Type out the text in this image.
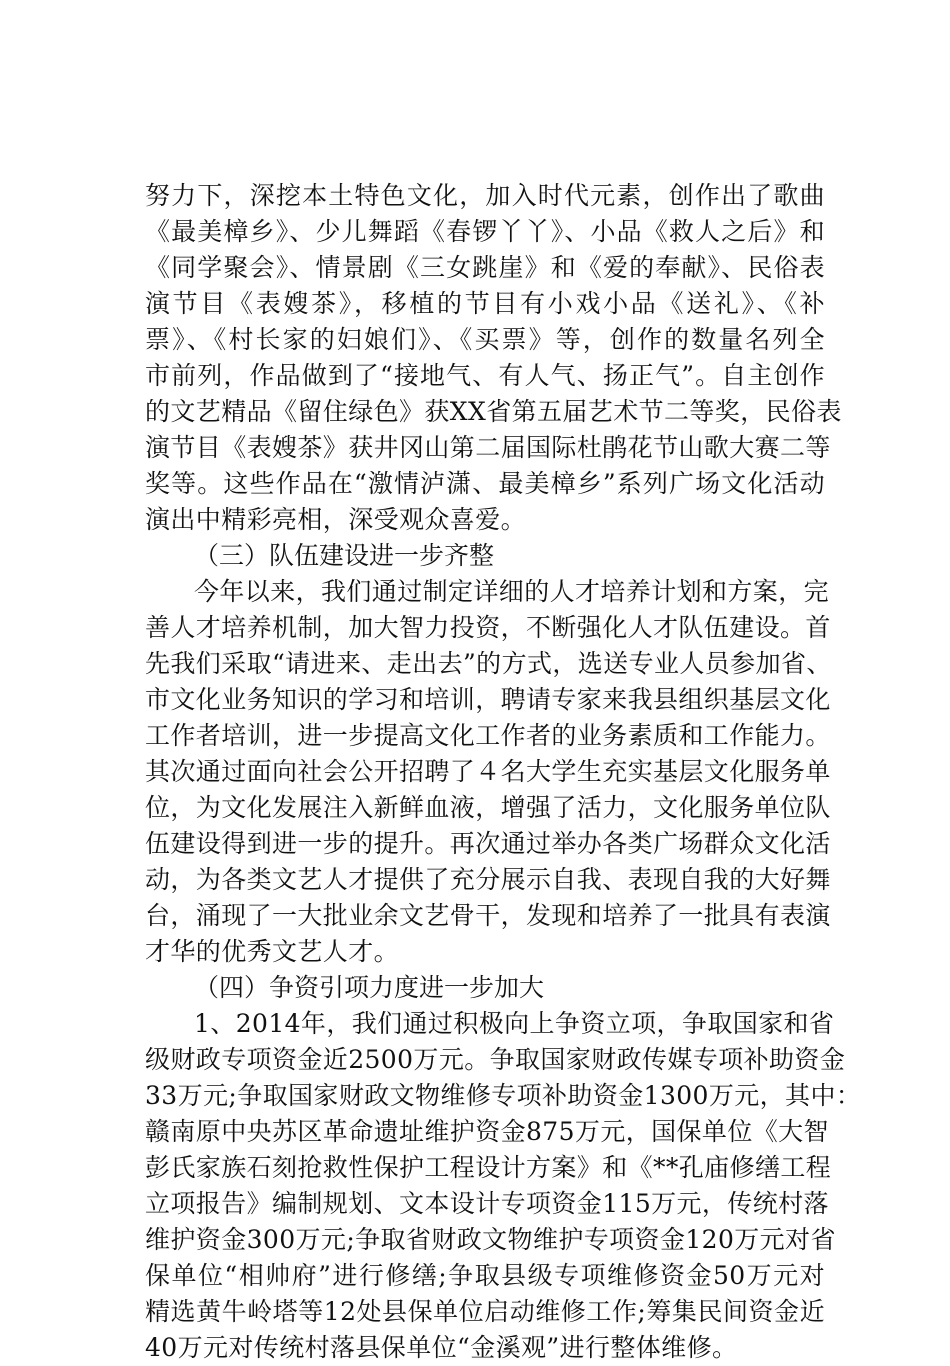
努力下，深挖本土特色文化，加入时代元素，创作出了歌曲
《最美樟乡》、少儿舞蹈《春锣丫丫》、小品《救人之后》和
《同学聚会》、情景剧《三女跳崖》和《爱的奉献》、民俗表
演节目《表嫂茶》，移植的节目有小戏小品《送礼》、《补
票》、《村长家的妇娘们》、《买票》等，创作的数量名列全
市前列，作品做到了“接地气、有人气、扬正气”。自主创作
的文艺精品《留住绿色》获XX省第五届艺术节二等奖，民俗表
演节目《表嫂茶》获井冈山第二届国际杜鹃花节山歌大赛二等
奖等。这些作品在“激情泸潇、最美樟乡”系列广场文化活动
演出中精彩亮相，深受观众喜爱。
（三）队伍建设进一步齐整
今年以来，我们通过制定详细的人才培养计划和方案，完
善人才培养机制，加大智力投资，不断强化人才队伍建设。首
先我们采取“请进来、走出去”的方式，选送专业人员参加省、
市文化业务知识的学习和培训，聘请专家来我县组织基层文化
工作者培训，进一步提高文化工作者的业务素质和工作能力。
其次通过面向社会公开招聘了４名大学生充实基层文化服务单
位，为文化发展注入新鲜血液，增强了活力，文化服务单位队
伍建设得到进一步的提升。再次通过举办各类广场群众文化活
动，为各类文艺人才提供了充分展示自我、表现自我的大好舞
台，涌现了一大批业余文艺骨干，发现和培养了一批具有表演
才华的优秀文艺人才。
（四）争资引项力度进一步加大
1、2014年，我们通过积极向上争资立项，争取国家和省
级财政专项资金近2500万元。争取国家财政传媒专项补助资金
33万元;争取国家财政文物维修专项补助资金1300万元，其中：
赣南原中央苏区革命遗址维护资金875万元，国保单位《大智
彭氏家族石刻抢救性保护工程设计方案》和《**孔庙修缮工程
立项报告》编制规划、文本设计专项资金115万元，传统村落
维护资金300万元;争取省财政文物维护专项资金120万元对省
保单位“相帅府”进行修缮;争取县级专项维修资金50万元对
精选黄牛岭塔等12处县保单位启动维修工作;筹集民间资金近
40万元对传统村落县保单位“金溪观”进行整体维修。
